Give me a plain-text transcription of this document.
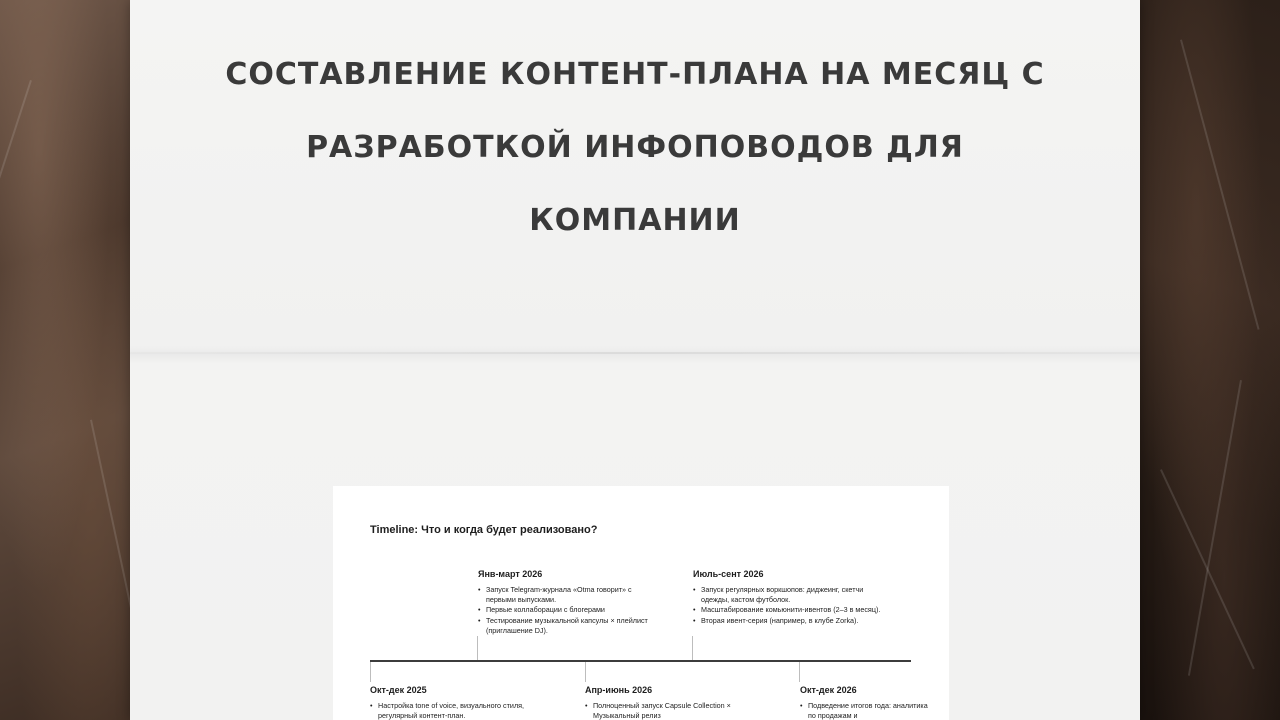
СОСТАВЛЕНИЕ КОНТЕНТ-ПЛАНА НА МЕСЯЦ С
РАЗРАБОТКОЙ ИНФОПОВОДОВ ДЛЯ
КОМПАНИИ
Timeline: Что и когда будет реализовано?
Янв-март 2026
• Запуск Telegram-журнала «Otma говорит» с первыми выпусками.
• Первые коллаборации с блогерами
• Тестирование музыкальной капсулы × плейлист (приглашение DJ).
Июль-сент 2026
• Запуск регулярных воркшопов: диджеинг, скетчи одежды, кастом футболок.
• Масштабирование комьюнити-ивентов (2–3 в месяц).
• Вторая ивент-серия (например, в клубе Zorka).
Окт-дек 2025
• Настройка tone of voice, визуального стиля, регулярный контент-план.
Апр-июнь 2026
• Полноценный запуск Capsule Collection × Музыкальный релиз
Окт-дек 2026
• Подведение итогов года: аналитика по продажам и
